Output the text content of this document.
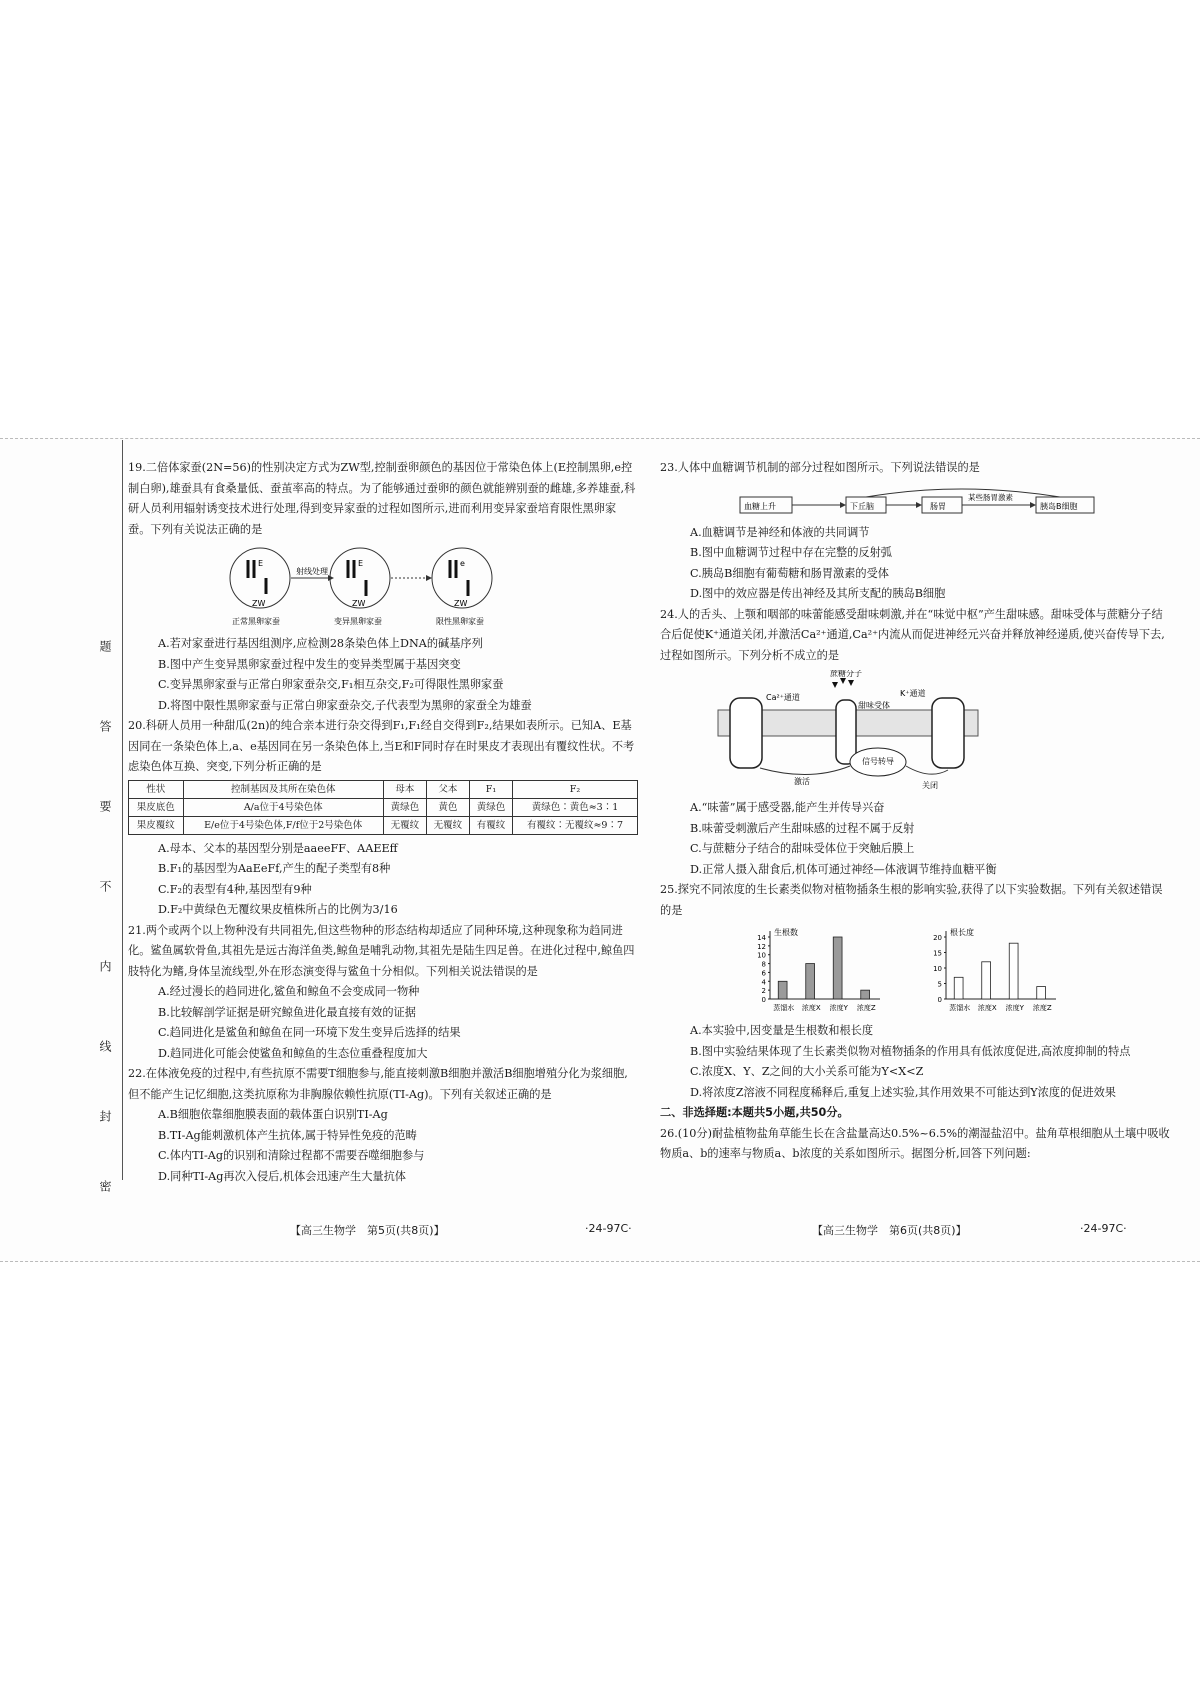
题
答
要
不
内
线
封
密

19.二倍体家蚕(2N=56)的性别决定方式为ZW型,控制蚕卵颜色的基因位于常染色体上(E控制黑卵,e控制白卵),雄蚕具有食桑量低、蚕茧率高的特点。为了能够通过蚕卵的颜色就能辨别蚕的雌雄,多养雄蚕,科研人员利用辐射诱变技术进行处理,得到变异家蚕的过程如图所示,进而利用变异家蚕培育限性黑卵家蚕。下列有关说法正确的是

E	E	e
ZW	ZW	ZW
射线处理
正常黑卵家蚕	变异黑卵家蚕	限性黑卵家蚕

A.若对家蚕进行基因组测序,应检测28条染色体上DNA的碱基序列

B.图中产生变异黑卵家蚕过程中发生的变异类型属于基因突变

C.变异黑卵家蚕与正常白卵家蚕杂交,F₁相互杂交,F₂可得限性黑卵家蚕

D.将图中限性黑卵家蚕与正常白卵家蚕杂交,子代表型为黑卵的家蚕全为雄蚕

20.科研人员用一种甜瓜(2n)的纯合亲本进行杂交得到F₁,F₁经自交得到F₂,结果如表所示。已知A、E基因同在一条染色体上,a、e基因同在另一条染色体上,当E和F同时存在时果皮才表现出有覆纹性状。不考虑染色体互换、突变,下列分析正确的是

性状	控制基因及其所在染色体	母本	父本	F₁	F₂
果皮底色	A/a位于4号染色体	黄绿色	黄色	黄绿色	黄绿色∶黄色≈3∶1
果皮覆纹	E/e位于4号染色体,F/f位于2号染色体	无覆纹	无覆纹	有覆纹	有覆纹∶无覆纹≈9∶7

A.母本、父本的基因型分别是aaeeFF、AAEEff

B.F₁的基因型为AaEeFf,产生的配子类型有8种

C.F₂的表型有4种,基因型有9种

D.F₂中黄绿色无覆纹果皮植株所占的比例为3/16

21.两个或两个以上物种没有共同祖先,但这些物种的形态结构却适应了同种环境,这种现象称为趋同进化。鲨鱼属软骨鱼,其祖先是远古海洋鱼类,鲸鱼是哺乳动物,其祖先是陆生四足兽。在进化过程中,鲸鱼四肢特化为鳍,身体呈流线型,外在形态演变得与鲨鱼十分相似。下列相关说法错误的是

A.经过漫长的趋同进化,鲨鱼和鲸鱼不会变成同一物种

B.比较解剖学证据是研究鲸鱼进化最直接有效的证据

C.趋同进化是鲨鱼和鲸鱼在同一环境下发生变异后选择的结果

D.趋同进化可能会使鲨鱼和鲸鱼的生态位重叠程度加大

22.在体液免疫的过程中,有些抗原不需要T细胞参与,能直接刺激B细胞并激活B细胞增殖分化为浆细胞,但不能产生记忆细胞,这类抗原称为非胸腺依赖性抗原(TI-Ag)。下列有关叙述正确的是

A.B细胞依靠细胞膜表面的载体蛋白识别TI-Ag

B.TI-Ag能刺激机体产生抗体,属于特异性免疫的范畴

C.体内TI-Ag的识别和清除过程都不需要吞噬细胞参与

D.同种TI-Ag再次入侵后,机体会迅速产生大量抗体

【高三生物学　第5页(共8页)】	·24-97C·

23.人体中血糖调节机制的部分过程如图所示。下列说法错误的是

血糖上升	下丘脑	肠胃	胰岛B细胞
某些肠胃激素

A.血糖调节是神经和体液的共同调节

B.图中血糖调节过程中存在完整的反射弧

C.胰岛B细胞有葡萄糖和肠胃激素的受体

D.图中的效应器是传出神经及其所支配的胰岛B细胞

24.人的舌头、上颚和咽部的味蕾能感受甜味刺激,并在“味觉中枢”产生甜味感。甜味受体与蔗糖分子结合后促使K⁺通道关闭,并激活Ca²⁺通道,Ca²⁺内流从而促进神经元兴奋并释放神经递质,使兴奋传导下去,过程如图所示。下列分析不成立的是

蔗糖分子
Ca²⁺通道	K⁺通道
甜味受体
信号转导
激活	关闭

A.“味蕾”属于感受器,能产生并传导兴奋

B.味蕾受刺激后产生甜味感的过程不属于反射

C.与蔗糖分子结合的甜味受体位于突触后膜上

D.正常人摄入甜食后,机体可通过神经—体液调节维持血糖平衡

25.探究不同浓度的生长素类似物对植物插条生根的影响实验,获得了以下实验数据。下列有关叙述错误的是

生根数
0
2
4
6
8
10
12
14
蒸馏水 浓度X 浓度Y 浓度Z
根长度
0
5
10
15
20
蒸馏水 浓度X 浓度Y 浓度Z

A.本实验中,因变量是生根数和根长度

B.图中实验结果体现了生长素类似物对植物插条的作用具有低浓度促进,高浓度抑制的特点

C.浓度X、Y、Z之间的大小关系可能为Y<X<Z

D.将浓度Z溶液不同程度稀释后,重复上述实验,其作用效果不可能达到Y浓度的促进效果

二、非选择题:本题共5小题,共50分。

26.(10分)耐盐植物盐角草能生长在含盐量高达0.5%~6.5%的潮湿盐沼中。盐角草根细胞从土壤中吸收物质a、b的速率与物质a、b浓度的关系如图所示。据图分析,回答下列问题:

【高三生物学　第6页(共8页)】	·24-97C·
